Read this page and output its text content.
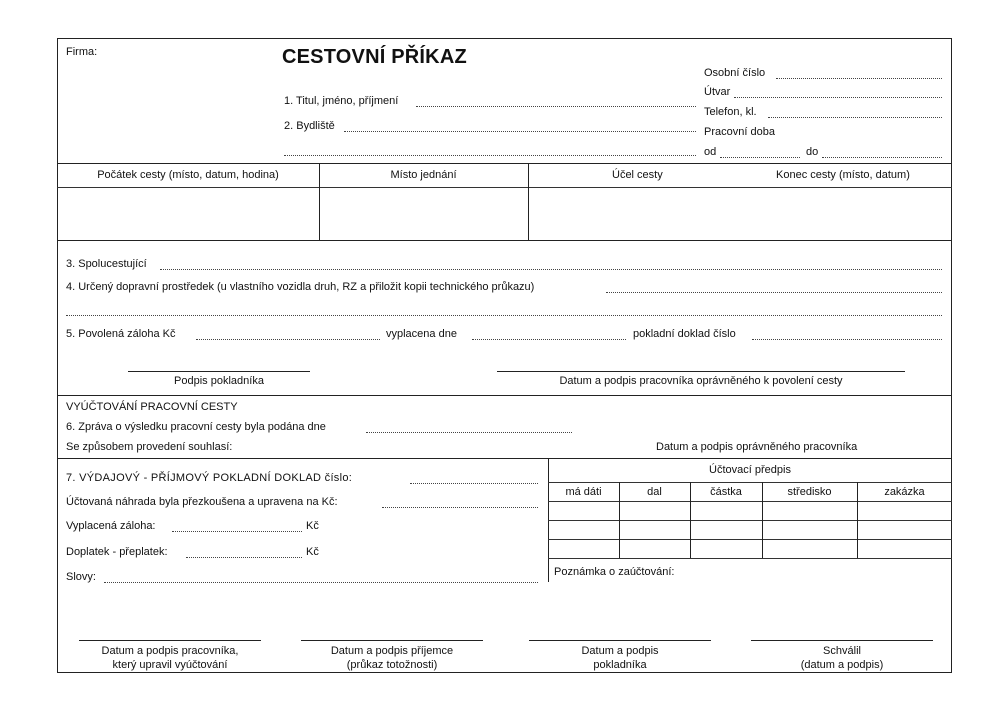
Firma:	CESTOVNÍ PŘÍKAZ
1. Titul, jméno, příjmení
2. Bydliště
Osobní číslo
Útvar
Telefon, kl.
Pracovní doba
od	do
Počátek cesty (místo, datum, hodina)	Místo jednání	Účel cesty	Konec cesty (místo, datum)
3. Spolucestující
4. Určený dopravní prostředek (u vlastního vozidla druh, RZ a přiložit kopii technického průkazu)
5. Povolená záloha Kč	vyplacena dne	pokladní doklad číslo
Podpis pokladníka	Datum a podpis pracovníka oprávněného k povolení cesty
VYÚČTOVÁNÍ PRACOVNÍ CESTY
6. Zpráva o výsledku pracovní cesty byla podána dne
Se způsobem provedení souhlasí:	Datum a podpis oprávněného pracovníka
7. VÝDAJOVÝ - PŘÍJMOVÝ POKLADNÍ DOKLAD číslo:
Účtovaná náhrada byla přezkoušena a upravena na Kč:
Vyplacená záloha:	Kč
Doplatek - přeplatek:	Kč
Slovy:
Účtovací předpis
má dáti	dal	částka	středisko	zakázka
Poznámka o zaúčtování:
Datum a podpis pracovníka,
který upravil vyúčtování
Datum a podpis příjemce
(průkaz totožnosti)
Datum a podpis
pokladníka
Schválil
(datum a podpis)
